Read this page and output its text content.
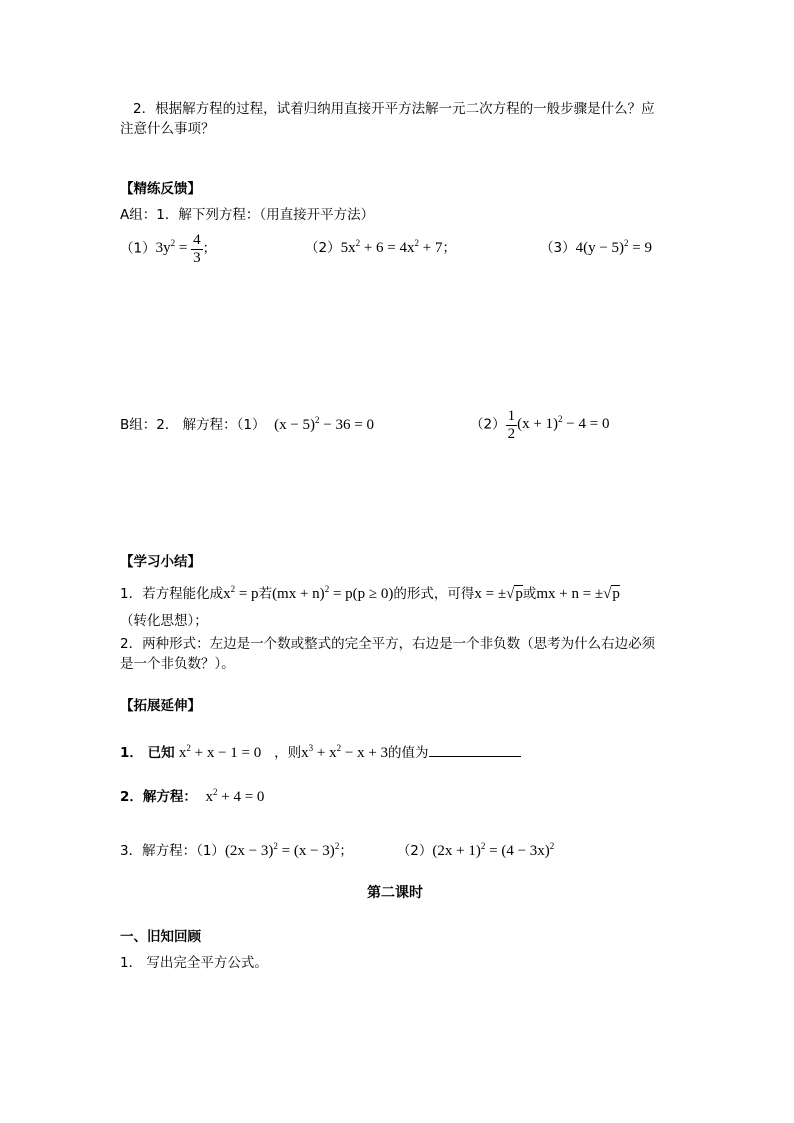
2．根据解方程的过程，试着归纳用直接开平方法解一元二次方程的一般步骤是什么？应
注意什么事项？
【精练反馈】
A组：1．解下列方程：（用直接开平方法）
$(1)3y^2 = \frac{4}{3}$ ；	$(2)5x^2 + 6 = 4x^2 + 7$；	$(3)4(y - 5)^2 = 9$
B组：2． 解方程：（1） $(x - 5)^2 - 36 = 0$	$(2) \frac{1}{2} (x + 1)^2 - 4 = 0$
【学习小结】
1．若方程能化成$x^2 = p$若(mx + n)$^2$ = p(p ≥ 0)的形式，可得x = ±√p或mx + n = ±√p
（转化思想）；
2．两种形式：左边是一个数或整式的完全平方，右边是一个非负数（思考为什么右边必须
是一个非负数？）。
【拓展延伸】
1． 已知 $x^2 + x - 1 = 0$ ，则$x^3 + x^2 - x + 3$的值为
2．解方程： $x^2 + 4 = 0$
3．解方程：$(1)(2x - 3)^2 = (x - 3)^2$；	$(2)(2x + 1)^2 = (4 - 3x)^2$
第二课时
一、旧知回顾
1． 写出完全平方公式。
